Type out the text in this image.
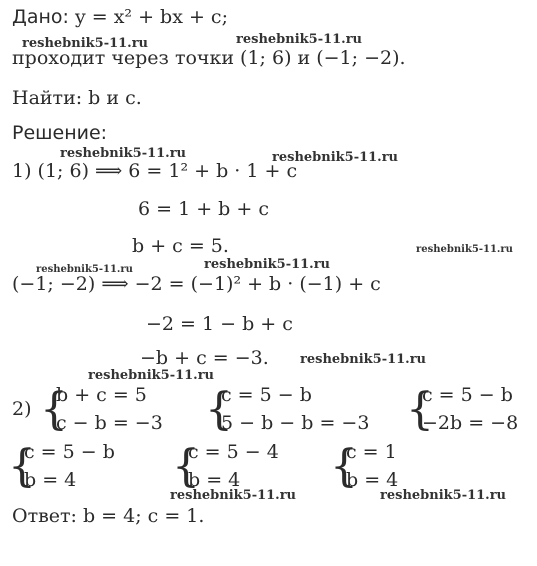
Дано: y = x² + bx + c;
проходит через точки (1; 6) и (−1; −2).
Найти: b и c.
Решение:
1) (1; 6) ⟹ 6 = 1² + b · 1 + c
6 = 1 + b + c
b + c = 5.
(−1; −2) ⟹ −2 = (−1)² + b · (−1) + c
−2 = 1 − b + c
−b + c = −3.
2) {
b + c = 5
c − b = −3 {
c = 5 − b
5 − b − b = −3 {
c = 5 − b
−2b = −8
{
c = 5 − b
b = 4 {
c = 5 − 4
b = 4 {
c = 1
b = 4
Ответ: b = 4; c = 1.
reshebnik5-11.ru	reshebnik5-11.ru
reshebnik5-11.ru	reshebnik5-11.ru
reshebnik5-11.ru
reshebnik5-11.ru	reshebnik5-11.ru
reshebnik5-11.ru
reshebnik5-11.ru
reshebnik5-11.ru	reshebnik5-11.ru
